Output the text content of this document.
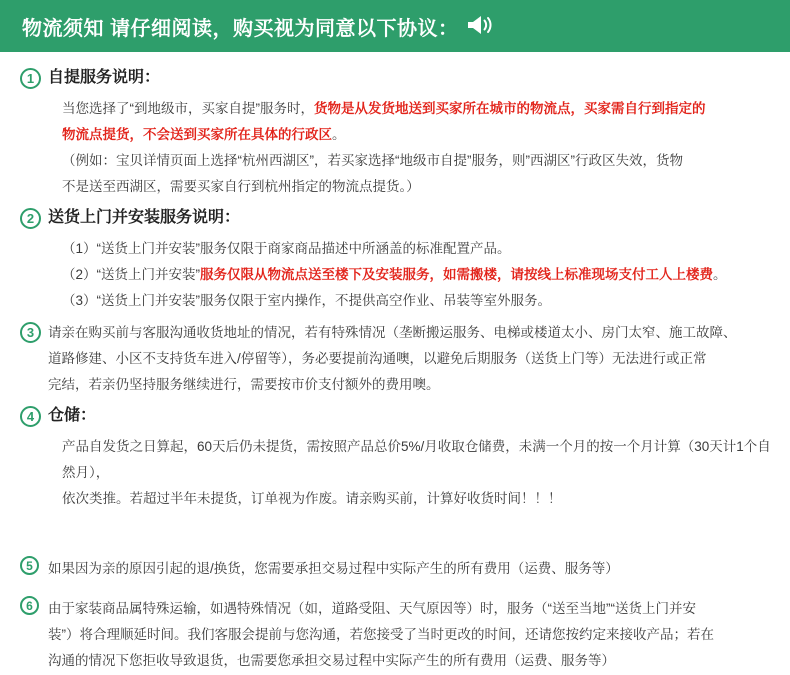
物流须知 请仔细阅读，购买视为同意以下协议：
1 自提服务说明：

当您选择了“到地级市，买家自提”服务时，货物是从发货地送到买家所在城市的物流点，买家需自行到指定的

物流点提货，不会送到买家所在具体的行政区。

（例如：宝贝详情页面上选择“杭州西湖区”，若买家选择“地级市自提”服务，则”西湖区”行政区失效，货物

不是送至西湖区，需要买家自行到杭州指定的物流点提货。）

2 送货上门并安装服务说明：

（1）“送货上门并安装”服务仅限于商家商品描述中所涵盖的标准配置产品。

（2）“送货上门并安装”服务仅限从物流点送至楼下及安装服务，如需搬楼，请按线上标准现场支付工人上楼费。

（3）“送货上门并安装”服务仅限于室内操作，不提供高空作业、吊装等室外服务。

3	请亲在购买前与客服沟通收货地址的情况，若有特殊情况（垄断搬运服务、电梯或楼道太小、房门太窄、施工故障、

道路修建、小区不支持货车进入/停留等），务必要提前沟通噢，以避免后期服务（送货上门等）无法进行或正常

完结，若亲仍坚持服务继续进行，需要按市价支付额外的费用噢。

4 仓储：

产品自发货之日算起，60天后仍未提货，需按照产品总价5%/月收取仓储费，未满一个月的按一个月计算（30天计1个自然月），

依次类推。若超过半年未提货，订单视为作废。请亲购买前，计算好收货时间！！！

5	如果因为亲的原因引起的退/换货，您需要承担交易过程中实际产生的所有费用（运费、服务等）

6	由于家装商品属特殊运输，如遇特殊情况（如，道路受阻、天气原因等）时，服务（“送至当地”“送货上门并安

装”）将合理顺延时间。我们客服会提前与您沟通，若您接受了当时更改的时间，还请您按约定来接收产品；若在

沟通的情况下您拒收导致退货，也需要您承担交易过程中实际产生的所有费用（运费、服务等）
